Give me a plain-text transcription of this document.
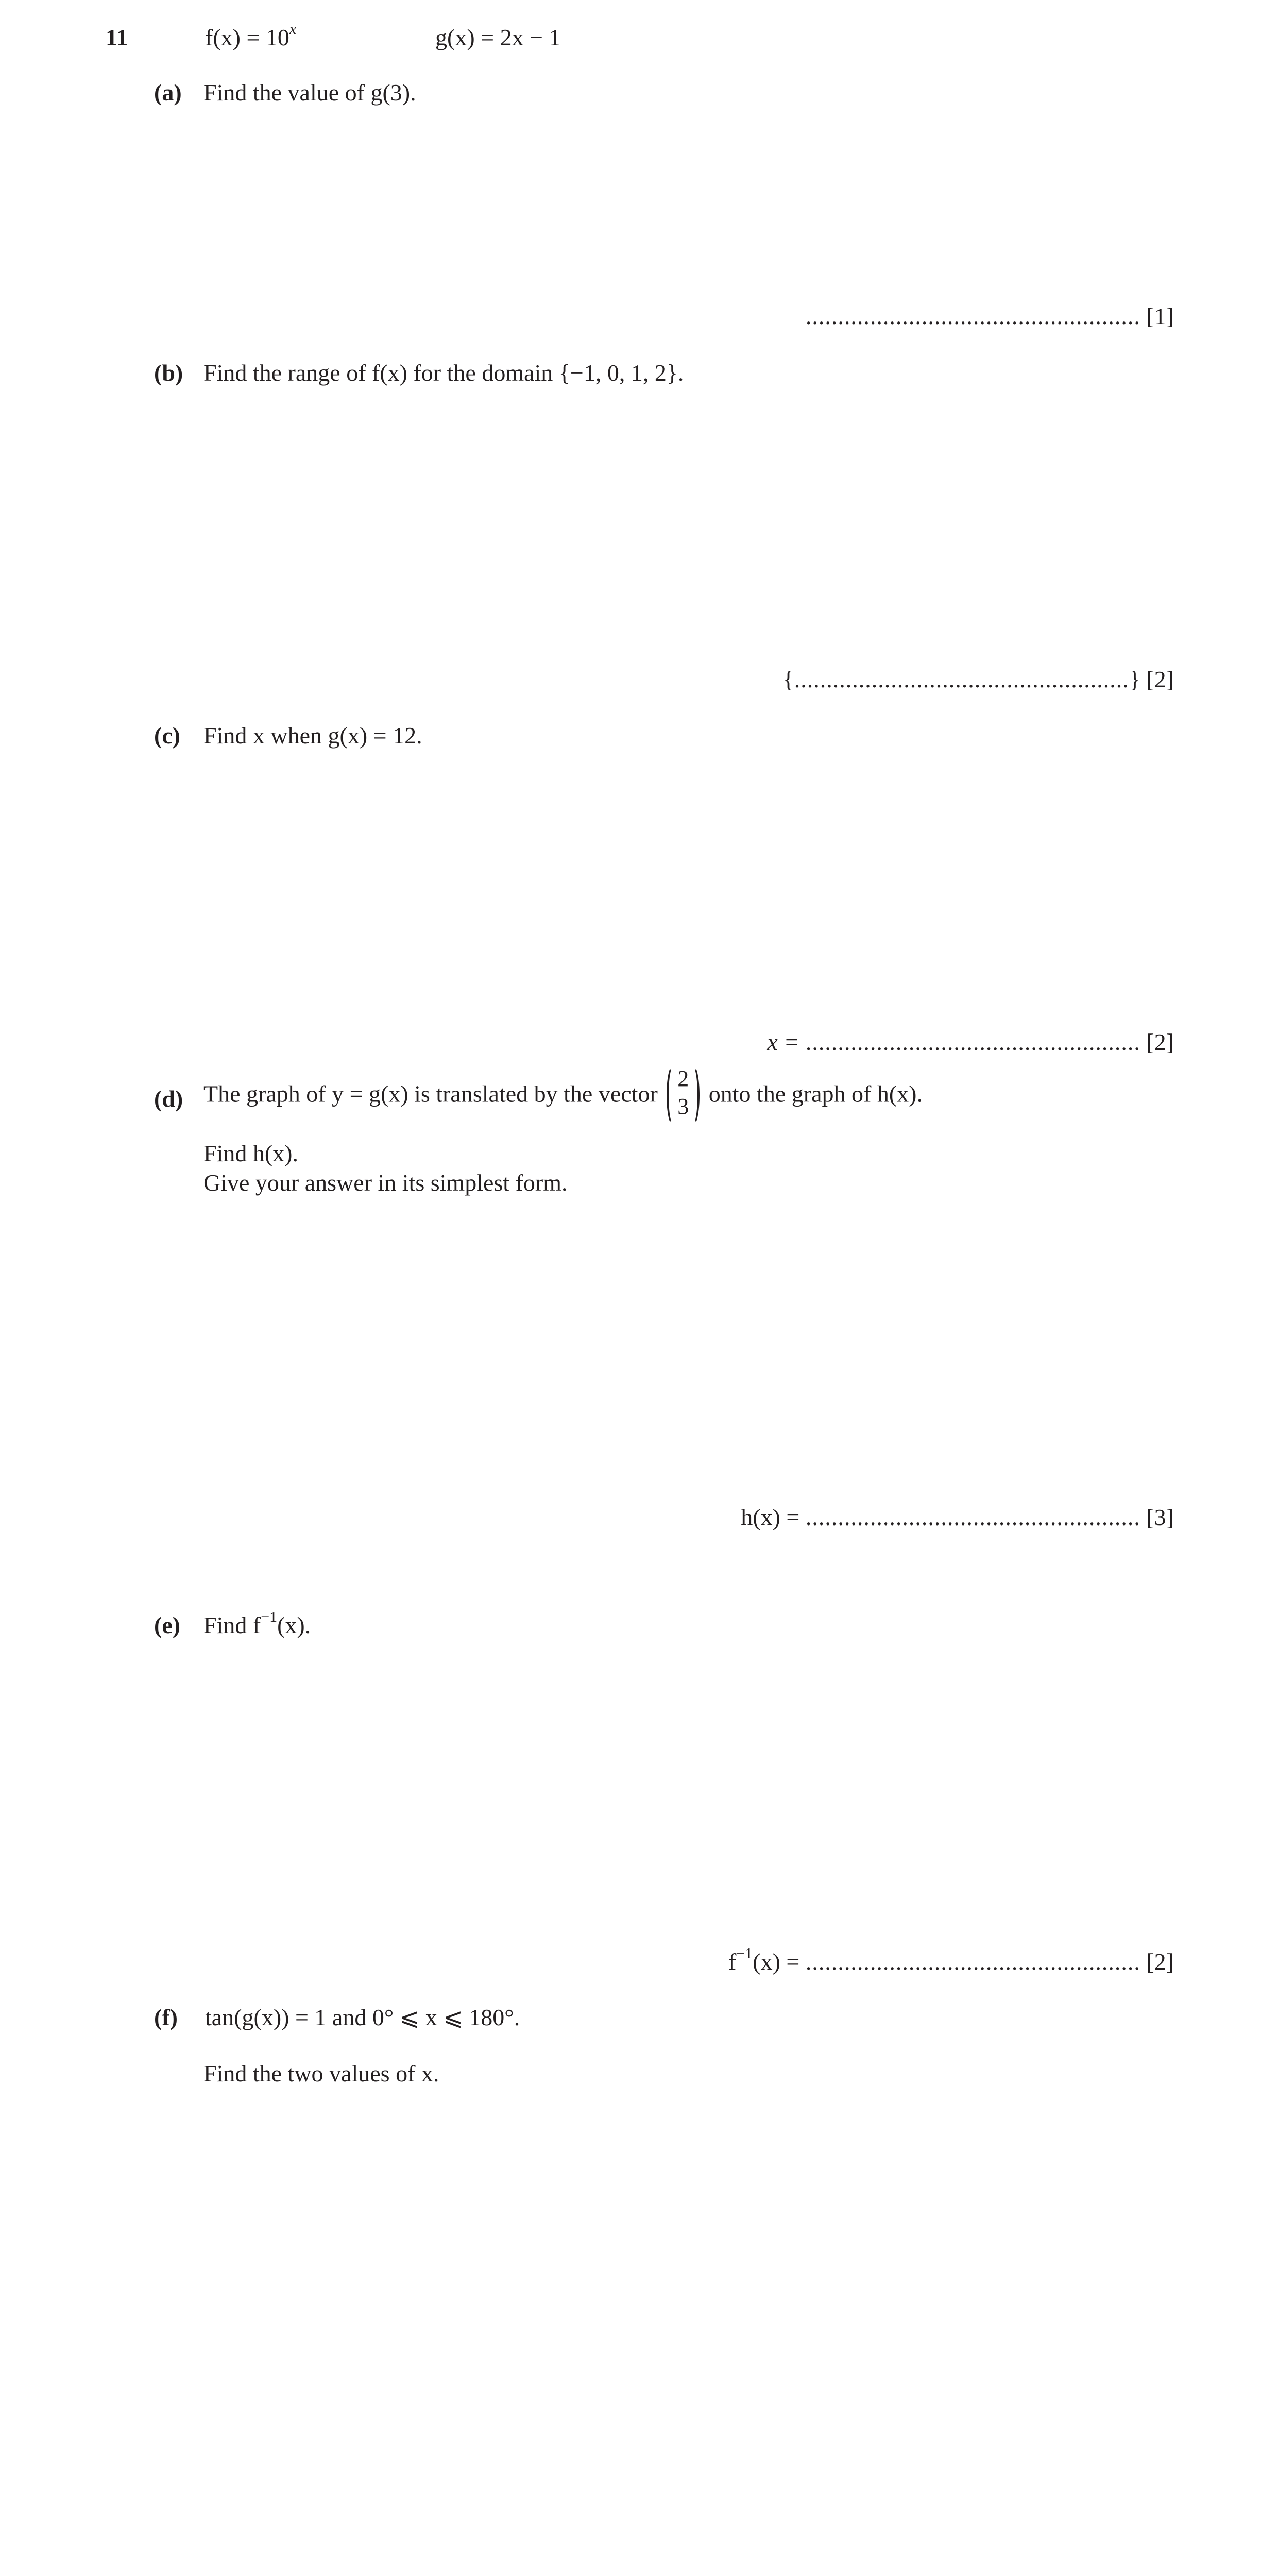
11	$f(x) = 10^x$	g(x) = 2x − 1
(a) Find the value of g(3).
.................................................... [1]
(b) Find the range of f(x) for the domain {−1, 0, 1, 2}.
{....................................................} [2]
(c) Find x when g(x) = 12.
x = .................................................... [2]
(d) The graph of y = g(x) is translated by the vector
2
3 onto the graph of h(x).
Find h(x).
Give your answer in its simplest form.
h(x) = .................................................... [3]
(e) Find $f^{-1}(x)$.
$f^{-1}(x)$ = .................................................... [2]
(f) tan(g(x)) = 1 and 0° ⩽ x ⩽ 180°.
Find the two values of x.
